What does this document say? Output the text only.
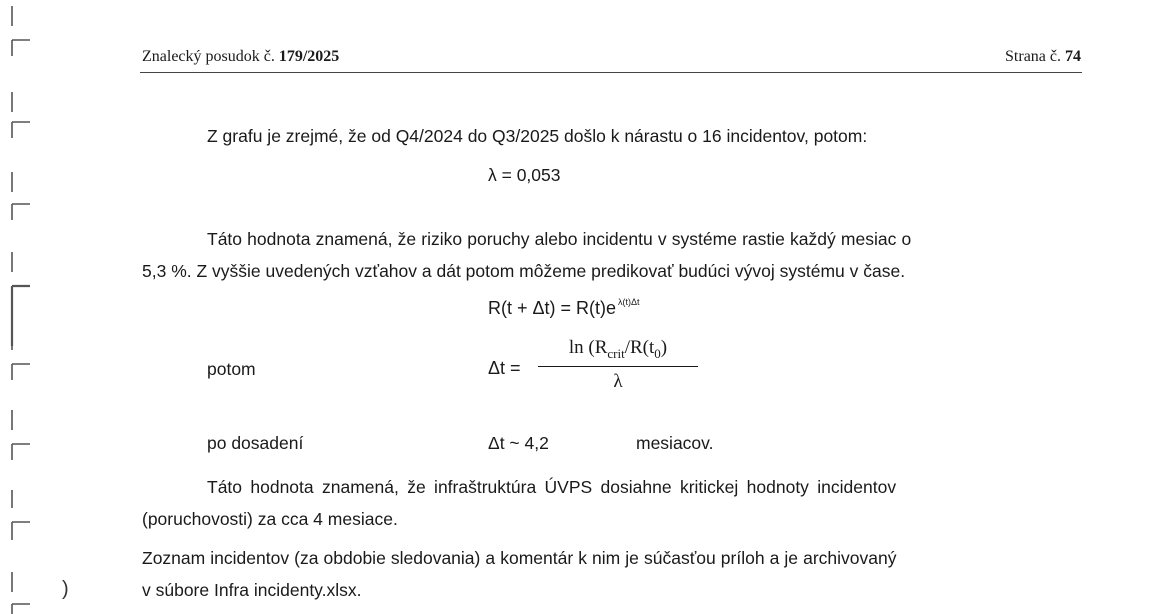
Znalecký posudok č. 179/2025	Strana č. 74
Z grafu je zrejmé, že od Q4/2024 do Q3/2025 došlo k nárastu o 16 incidentov, potom:
λ = 0,053
Táto hodnota znamená, že riziko poruchy alebo incidentu v systéme rastie každý mesiac o
5,3 %. Z vyššie uvedených vzťahov a dát potom môžeme predikovať budúci vývoj systému v čase.
R(t + Δt) = R(t)e $^{\lambda(t)\Delta t}$
potom	Δt =
$\ln (R_{crit}/R(t_0)$
λ
po dosadení	Δt ~ 4,2	mesiacov.
Táto hodnota znamená, že infraštruktúra ÚVPS dosiahne kritickej hodnoty incidentov
(poruchovosti) za cca 4 mesiace.
Zoznam incidentov (za obdobie sledovania) a komentár k nim je súčasťou príloh a je archivovaný
v súbore Infra incidenty.xlsx.
)
